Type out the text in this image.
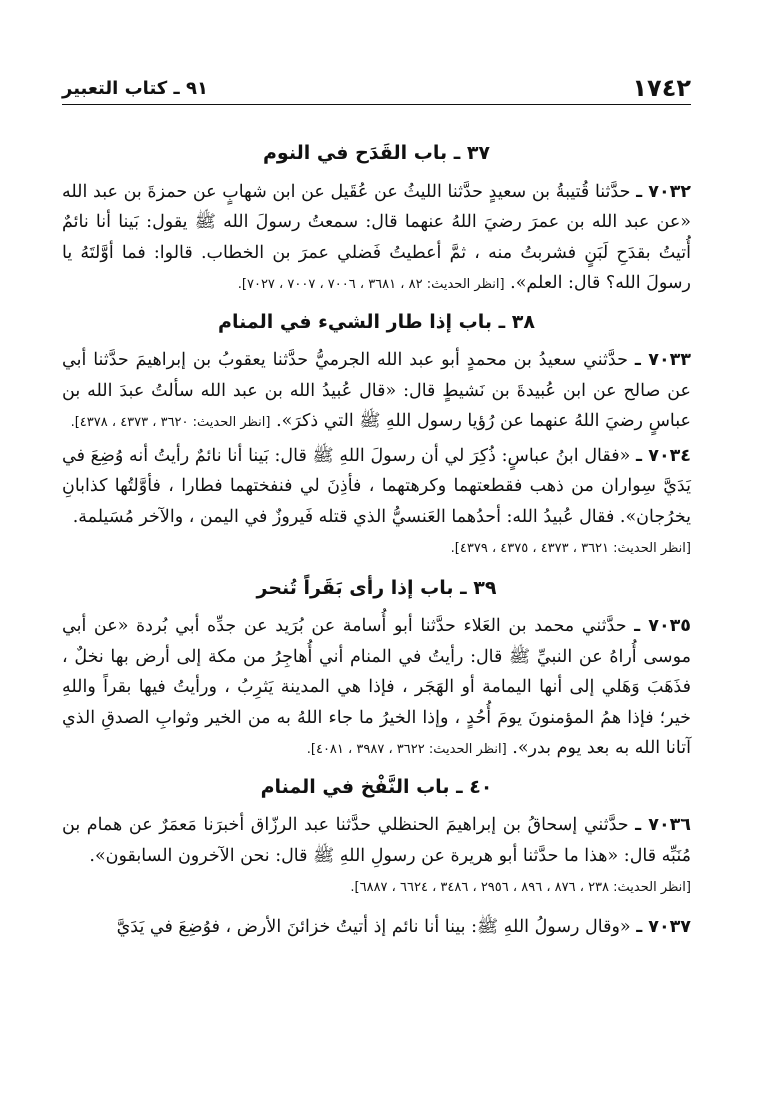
١٧٤٢
٩١ ـ كتاب التعبير
٣٧ ـ باب القَدَح في النوم
٧٠٣٢ ـ حدَّثنا قُتيبةُ بن سعيدٍ حدَّثنا الليثُ عن عُقَيل عن ابن شهابٍ عن حمزةَ بن عبد الله «عن عبد الله بن عمرَ رضيَ اللهُ عنهما قال: سمعتُ رسولَ الله ﷺ يقول: بَينا أنا نائمٌ أُتيتُ بقدَحِ لَبَنٍ فشربتُ منه ، ثمَّ أعطيتُ فَضلي عمرَ بن الخطاب. قالوا: فما أوَّلتَهُ يا رسولَ الله؟ قال: العلم». [انظر الحديث: ٨٢ ، ٣٦٨١ ، ٧٠٠٦ ، ٧٠٠٧ ، ٧٠٢٧].
٣٨ ـ باب إذا طار الشيء في المنام
٧٠٣٣ ـ حدَّثني سعيدُ بن محمدٍ أبو عبد الله الجرميُّ حدَّثنا يعقوبُ بن إبراهيمَ حدَّثنا أبي عن صالح عن ابن عُبيدةَ بن نَشيطٍ قال: «قال عُبيدُ الله بن عبد الله سألتُ عبدَ الله بن عباسٍ رضيَ اللهُ عنهما عن رُؤيا رسول اللهِ ﷺ التي ذكرَ». [انظر الحديث: ٣٦٢٠ ، ٤٣٧٣ ، ٤٣٧٨].
٧٠٣٤ ـ «فقال ابنُ عباسٍ: ذُكِرَ لي أن رسولَ اللهِ ﷺ قال: بَينا أنا نائمٌ رأيتُ أنه وُضِعَ في يَدَيَّ سِواران من ذهب فقطعتهما وكرهتهما ، فأذِنَ لي فنفختهما فطارا ، فأوَّلتُها كذابانِ يخرُجان». فقال عُبيدُ الله: أحدُهما العَنسيُّ الذي قتله فَيروزٌ في اليمن ، والآخر مُسَيلمة.
[انظر الحديث: ٣٦٢١ ، ٤٣٧٣ ، ٤٣٧٥ ، ٤٣٧٩].
٣٩ ـ باب إذا رأى بَقَراً تُنحر
٧٠٣٥ ـ حدَّثني محمد بن العَلاء حدَّثنا أبو أُسامة عن بُرَيد عن جدِّه أبي بُردة «عن أبي موسى أُراهُ عن النبيِّ ﷺ قال: رأيتُ في المنام أني أُهاجِرُ من مكة إلى أرض بها نخلٌ ، فذَهَبَ وَهَلي إلى أنها اليمامة أو الهَجَر ، فإذا هي المدينة يَثرِبُ ، ورأيتُ فيها بقراً واللهِ خير؛ فإذا همُ المؤمنونَ يومَ أُحُدٍ ، وإذا الخيرُ ما جاء اللهُ به من الخير وثوابِ الصدقِ الذي آتانا الله به بعد يوم بدر». [انظر الحديث: ٣٦٢٢ ، ٣٩٨٧ ، ٤٠٨١].
٤٠ ـ باب النَّفْخ في المنام
٧٠٣٦ ـ حدَّثني إسحاقُ بن إبراهيمَ الحنظلي حدَّثنا عبد الرزّاق أخبرَنا مَعمَرٌ عن همام بن مُنَبِّه قال: «هذا ما حدَّثنا أبو هريرة عن رسولِ اللهِ ﷺ قال: نحن الآخرون السابقون».
[انظر الحديث: ٢٣٨ ، ٨٧٦ ، ٨٩٦ ، ٢٩٥٦ ، ٣٤٨٦ ، ٦٦٢٤ ، ٦٨٨٧].
٧٠٣٧ ـ «وقال رسولُ اللهِ ﷺ: بينا أنا نائم إذ أتيتُ خزائنَ الأرض ، فوُضِعَ في يَدَيَّ
